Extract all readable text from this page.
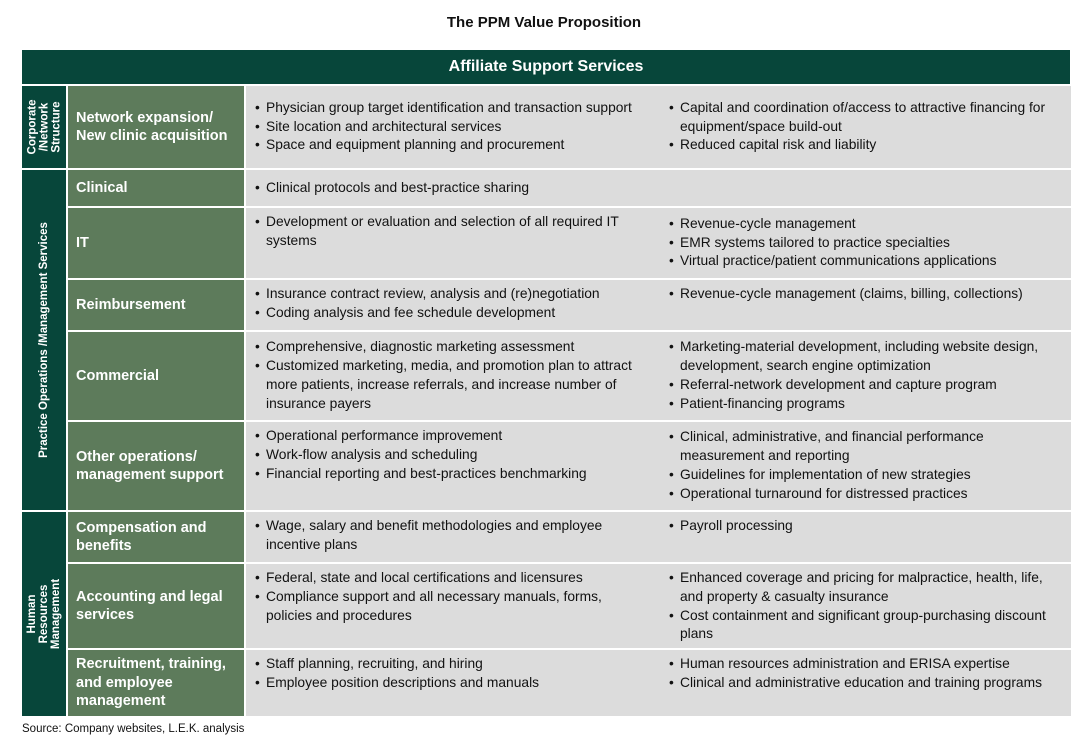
The PPM Value Proposition
Affiliate Support Services
Corporate /Network Structure
Practice Operations /Management Services
Human Resources Management
Network expansion/ New clinic acquisition
• Physician group target identification and transaction support
• Site location and architectural services
• Space and equipment planning and procurement
• Capital and coordination of/access to attractive financing for equipment/space build-out
• Reduced capital risk and liability
Clinical
•	Clinical protocols and best-practice sharing
IT
• Development or evaluation and selection of all required IT systems
• Revenue-cycle management
• EMR systems tailored to practice specialties
• Virtual practice/patient communications applications
Reimbursement
• Insurance contract review, analysis and (re)negotiation
• Coding analysis and fee schedule development
• Revenue-cycle management (claims, billing, collections)
Commercial
• Comprehensive, diagnostic marketing assessment
• Customized marketing, media, and promotion plan to attract more patients, increase referrals, and increase number of insurance payers
• Marketing-material development, including website design, development, search engine optimization
• Referral-network development and capture program
• Patient-financing programs
Other operations/ management support
• Operational performance improvement
• Work-flow analysis and scheduling
• Financial reporting and best-practices benchmarking
• Clinical, administrative, and financial performance measurement and reporting
• Guidelines for implementation of new strategies
• Operational turnaround for distressed practices
Compensation and benefits
• Wage, salary and benefit methodologies and employee incentive plans
• Payroll processing
Accounting and legal services
• Federal, state and local certifications and licensures
• Compliance support and all necessary manuals, forms, policies and procedures
• Enhanced coverage and pricing for malpractice, health, life, and property & casualty insurance
• Cost containment and significant group-purchasing discount plans
Recruitment, training, and employee management
• Staff planning, recruiting, and hiring
• Employee position descriptions and manuals
• Human resources administration and ERISA expertise
• Clinical and administrative education and training programs
Source: Company websites, L.E.K. analysis
